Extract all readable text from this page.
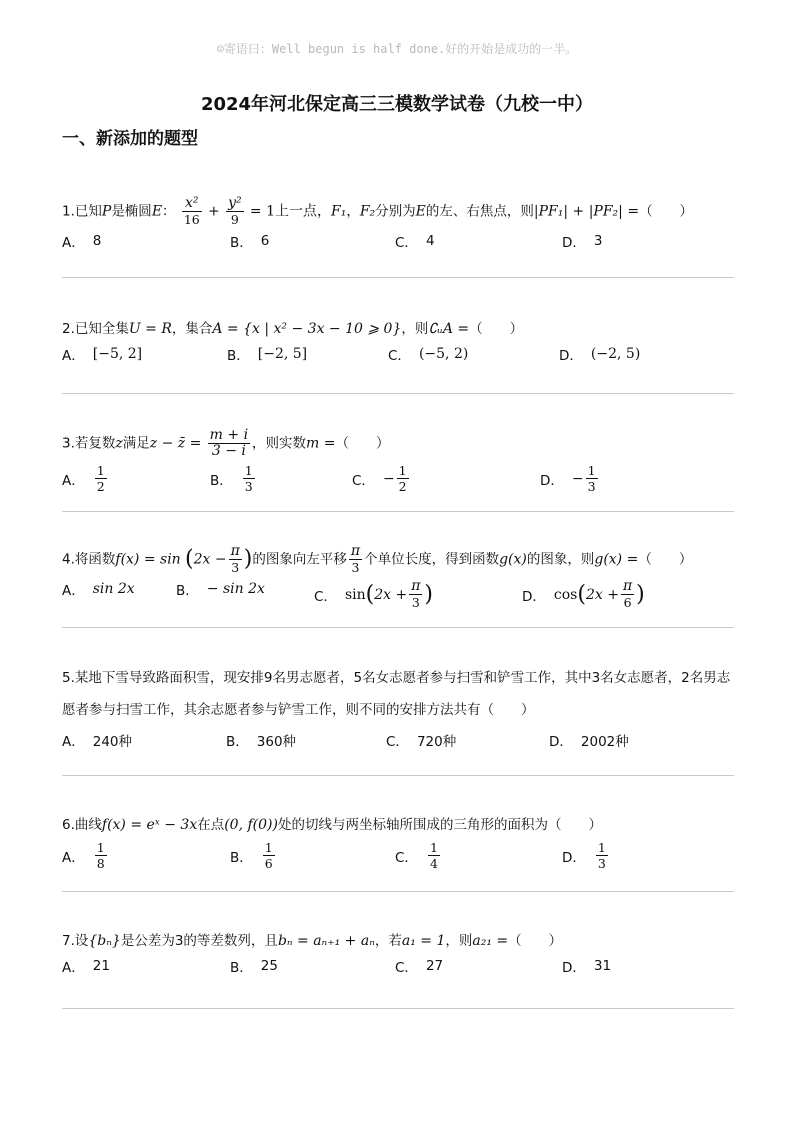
☺寄语曰：Well begun is half done.好的开始是成功的一半。
2024年河北保定高三三模数学试卷（九校一中）
一、新添加的题型
1.已知P是椭圆E： $\frac{\text{x²}}{16} + \frac{\text{y²}}{9} = 1$上一点，F₁，F₂分别为E的左、右焦点，则|PF₁| + |PF₂| =（　　）
A． 8	B． 6	C． 4	D． 3
2.已知全集U = R，集合A = {x | x² − 3x − 10 ⩾ 0}，则∁ᵤA =（　　）
A． [−5, 2]	B． [−2, 5]	C． (−5, 2)	D． (−2, 5)
3.若复数z满足z − z̄ = $\frac{m + i}{3 - i}$ ，则实数m =（　　）
A． $\frac{1}{2}$	B． $\frac{1}{3}$	C． − $\frac{1}{2}$	D． − $\frac{1}{3}$
4.将函数$f(x) = \sin (2x - \frac{\pi}{3}$ )的图象向左平移 $\frac{\pi}{3}$ 个单位长度，得到函数g(x)的图象，则g(x) =（　　）
A． sin 2x	B． − sin 2x	C． sin ( $2x + \frac{\pi}{3}$ )	D． cos ( $2x + \frac{\pi}{6}$ )
5.某地下雪导致路面积雪，现安排9名男志愿者，5名女志愿者参与扫雪和铲雪工作，其中3名女志愿者，2名男志愿者参与扫雪工作，其余志愿者参与铲雪工作，则不同的安排方法共有（　　）
A． 240种	B． 360种	C． 720种	D． 2002种
6.曲线f(x) = eˣ − 3x在点(0, f(0))处的切线与两坐标轴所围成的三角形的面积为（　　）
A． $\frac{1}{8}$	B． $\frac{1}{6}$	C． $\frac{1}{4}$	D． $\frac{1}{3}$
7.设{bₙ}是公差为3的等差数列，且bₙ = aₙ₊₁ + aₙ，若a₁ = 1，则a₂₁ =（　　）
A． 21	B． 25	C． 27	D． 31
